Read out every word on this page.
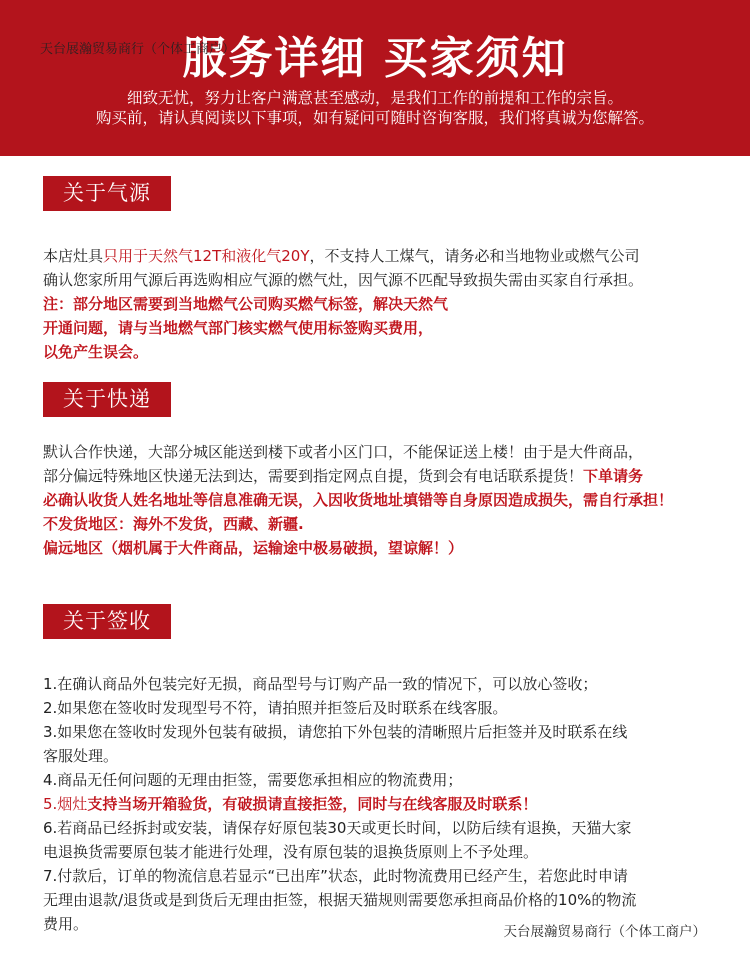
服务详细 买家须知
天台展瀚贸易商行（个体工商户）
细致无忧，努力让客户满意甚至感动，是我们工作的前提和工作的宗旨。
购买前，请认真阅读以下事项，如有疑问可随时咨询客服，我们将真诚为您解答。
关于气源
本店灶具只用于天然气12T和液化气20Y，不支持人工煤气，请务必和当地物业或燃气公司
确认您家所用气源后再选购相应气源的燃气灶，因气源不匹配导致损失需由买家自行承担。
注：部分地区需要到当地燃气公司购买燃气标签，解决天然气
开通问题，请与当地燃气部门核实燃气使用标签购买费用，
以免产生误会。
关于快递
默认合作快递，大部分城区能送到楼下或者小区门口，不能保证送上楼！由于是大件商品，
部分偏远特殊地区快递无法到达，需要到指定网点自提，货到会有电话联系提货！下单请务
必确认收货人姓名地址等信息准确无误，入因收货地址填错等自身原因造成损失，需自行承担！
不发货地区：海外不发货，西藏、新疆.
偏远地区（烟机属于大件商品，运输途中极易破损，望谅解！）
关于签收
1.在确认商品外包装完好无损，商品型号与订购产品一致的情况下，可以放心签收；
2.如果您在签收时发现型号不符，请拍照并拒签后及时联系在线客服。
3.如果您在签收时发现外包装有破损，请您拍下外包装的清晰照片后拒签并及时联系在线
客服处理。
4.商品无任何问题的无理由拒签，需要您承担相应的物流费用；
5.烟灶支持当场开箱验货，有破损请直接拒签，同时与在线客服及时联系！
6.若商品已经拆封或安装，请保存好原包装30天或更长时间，以防后续有退换，天猫大家
电退换货需要原包装才能进行处理，没有原包装的退换货原则上不予处理。
7.付款后，订单的物流信息若显示“已出库”状态，此时物流费用已经产生，若您此时申请
无理由退款/退货或是到货后无理由拒签，根据天猫规则需要您承担商品价格的10%的物流
费用。	天台展瀚贸易商行（个体工商户）
